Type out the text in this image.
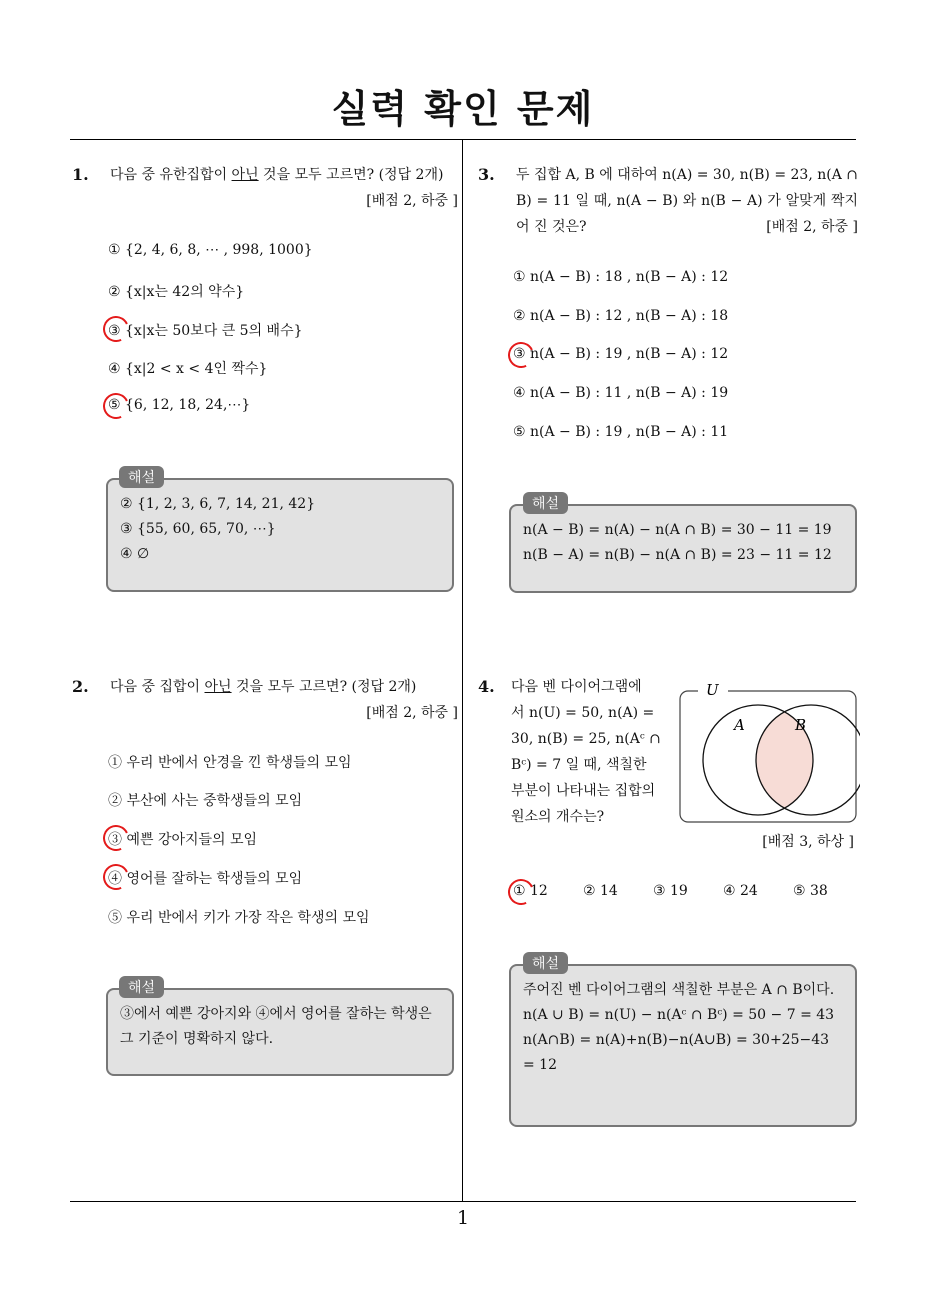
실력 확인 문제
1
1. 다음 중 유한집합이 아닌 것을 모두 고르면? (정답 2개)
[배점 2, 하중 ]
① {2, 4, 6, 8, ⋯ , 998, 1000}
② {x|x는 42의 약수}
③ {x|x는 50보다 큰 5의 배수}
④ {x|2 < x < 4인 짝수}
⑤ {6, 12, 18, 24,⋯}
② {1, 2, 3, 6, 7, 14, 21, 42}
③ {55, 60, 65, 70, ⋯}
④ ∅
해설
3. 두 집합 A, B 에 대하여 n(A) = 30, n(B) = 23, n(A ∩ B) = 11 일 때, n(A − B) 와 n(B − A) 가 알맞게 짝지어 진 것은?	[배점 2, 하중 ]
① n(A − B) : 18 , n(B − A) : 12
② n(A − B) : 12 , n(B − A) : 18
③ n(A − B) : 19 , n(B − A) : 12
④ n(A − B) : 11 , n(B − A) : 19
⑤ n(A − B) : 19 , n(B − A) : 11
n(A − B) = n(A) − n(A ∩ B) = 30 − 11 = 19
n(B − A) = n(B) − n(A ∩ B) = 23 − 11 = 12
해설
2. 다음 중 집합이 아닌 것을 모두 고르면? (정답 2개)
[배점 2, 하중 ]
① 우리 반에서 안경을 낀 학생들의 모임
② 부산에 사는 중학생들의 모임
③ 예쁜 강아지들의 모임
④ 영어를 잘하는 학생들의 모임
⑤ 우리 반에서 키가 가장 작은 학생의 모임
③에서 예쁜 강아지와 ④에서 영어를 잘하는 학생은 그 기준이 명확하지 않다.
해설
4. 다음 벤 다이어그램에
서 n(U) = 50, n(A) =
30, n(B) = 25, n(Aᶜ ∩
Bᶜ) = 7 일 때, 색칠한
부분이 나타내는 집합의
원소의 개수는?
U
A	B
[배점 3, 하상 ]
① 12	② 14	③ 19	④ 24	⑤ 38
주어진 벤 다이어그램의 색칠한 부분은 A ∩ B이다.
n(A ∪ B) = n(U) − n(Aᶜ ∩ Bᶜ) = 50 − 7 = 43
n(A∩B) = n(A)+n(B)−n(A∪B) = 30+25−43 = 12
해설
